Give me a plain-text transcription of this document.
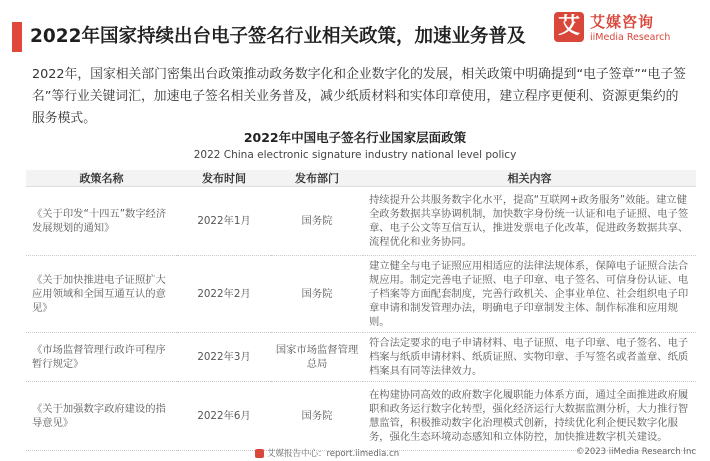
2022年国家持续出台电子签名行业相关政策，加速业务普及 艾 艾媒咨询
iiMedia Research
2022年，国家相关部门密集出台政策推动政务数字化和企业数字化的发展，相关政策中明确提到“电子签章”“电子签名”等行业关键词汇，加速电子签名相关业务普及，减少纸质材料和实体印章使用，建立程序更便利、资源更集约的服务模式。
2022年中国电子签名行业国家层面政策
2022 China electronic signature industry national level policy
政策名称	发布时间	发布部门	相关内容
《关于印发“十四五”数字经济发展规划的通知》	2022年1月	国务院	持续提升公共服务数字化水平，提高“互联网+政务服务”效能。建立健全政务数据共享协调机制，加快数字身份统一认证和电子证照、电子签章、电子公文等互信互认，推进发票电子化改革，促进政务数据共享、流程优化和业务协同。
《关于加快推进电子证照扩大应用领域和全国互通互认的意见》	2022年2月	国务院	建立健全与电子证照应用相适应的法律法规体系，保障电子证照合法合规应用。制定完善电子证照、电子印章、电子签名、可信身份认证、电子档案等方面配套制度，完善行政机关、企事业单位、社会组织电子印章申请和制发管理办法，明确电子印章制发主体、制作标准和应用规则。
《市场监督管理行政许可程序暂行规定》	2022年3月	国家市场监督管理总局	符合法定要求的电子申请材料、电子证照、电子印章、电子签名、电子档案与纸质申请材料、纸质证照、实物印章、手写签名或者盖章、纸质档案具有同等法律效力。
《关于加强数字政府建设的指导意见》	2022年6月	国务院	在构建协同高效的政府数字化履职能力体系方面，通过全面推进政府履职和政务运行数字化转型，强化经济运行大数据监测分析，大力推行智慧监管，积极推动数字化治理模式创新，持续优化利企便民数字化服务，强化生态环境动态感知和立体防控，加快推进数字机关建设。
艾媒报告中心：report.iimedia.cn	©2023 iiMedia Research Inc
